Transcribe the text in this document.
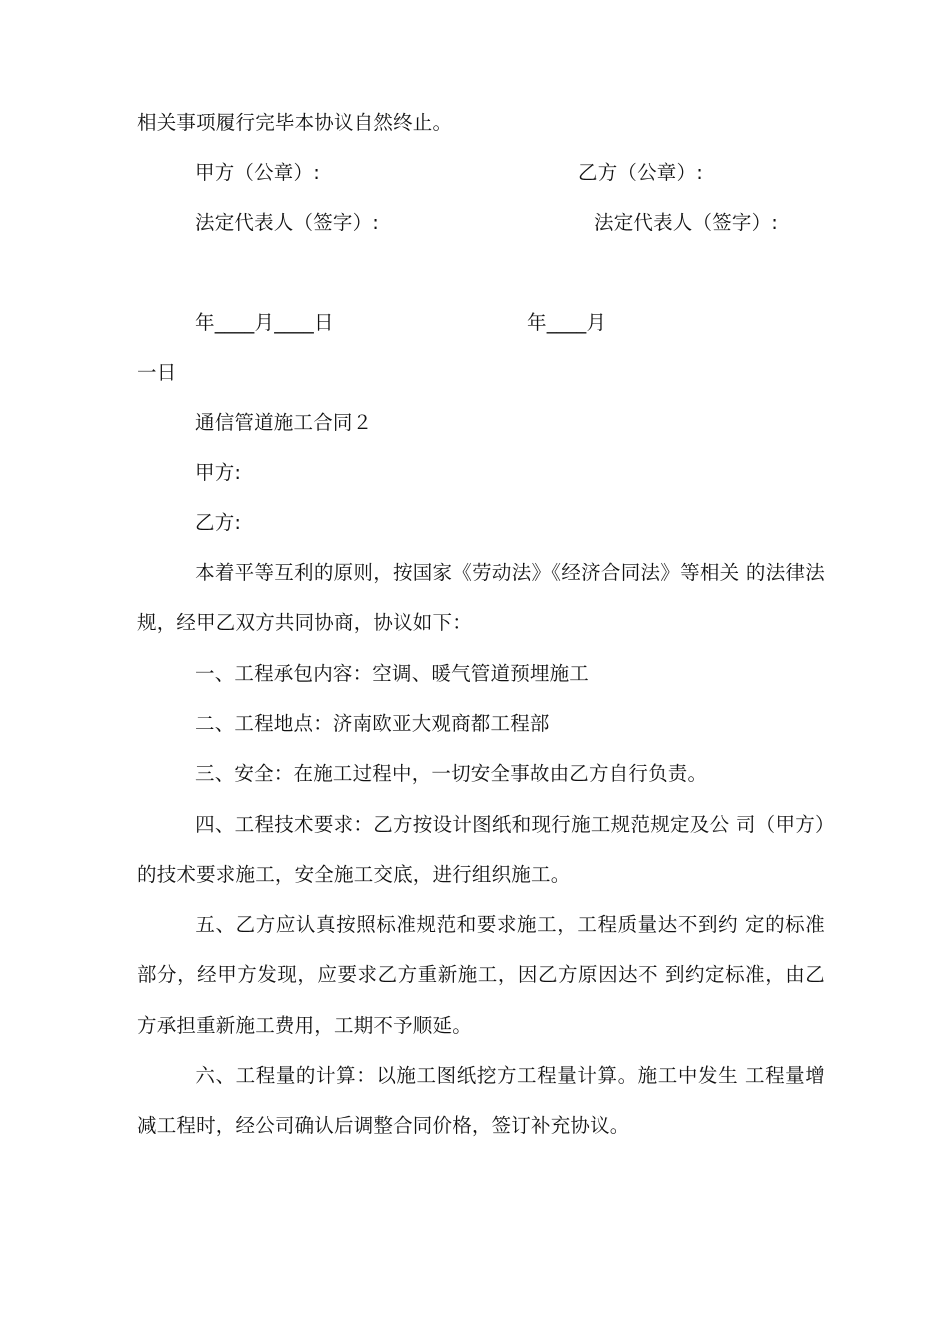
相关事项履行完毕本协议自然终止。
甲方（公章）:	乙方（公章）:
法定代表人（签字）:	法定代表人（签字）:
年____月____日	年____月
一日
通信管道施工合同２
甲方:
乙方:
本着平等互利的原则，按国家《劳动法》《经济合同法》等相关 的法律法规，经甲乙双方共同协商，协议如下：
一、工程承包内容：空调、暖气管道预埋施工
二、工程地点：济南欧亚大观商都工程部
三、安全：在施工过程中，一切安全事故由乙方自行负责。
四、工程技术要求：乙方按设计图纸和现行施工规范规定及公 司（甲方）的技术要求施工，安全施工交底，进行组织施工。
五、乙方应认真按照标准规范和要求施工，工程质量达不到约 定的标准部分，经甲方发现，应要求乙方重新施工，因乙方原因达不 到约定标准，由乙方承担重新施工费用，工期不予顺延。
六、工程量的计算：以施工图纸挖方工程量计算。施工中发生 工程量增减工程时，经公司确认后调整合同价格，签订补充协议。
